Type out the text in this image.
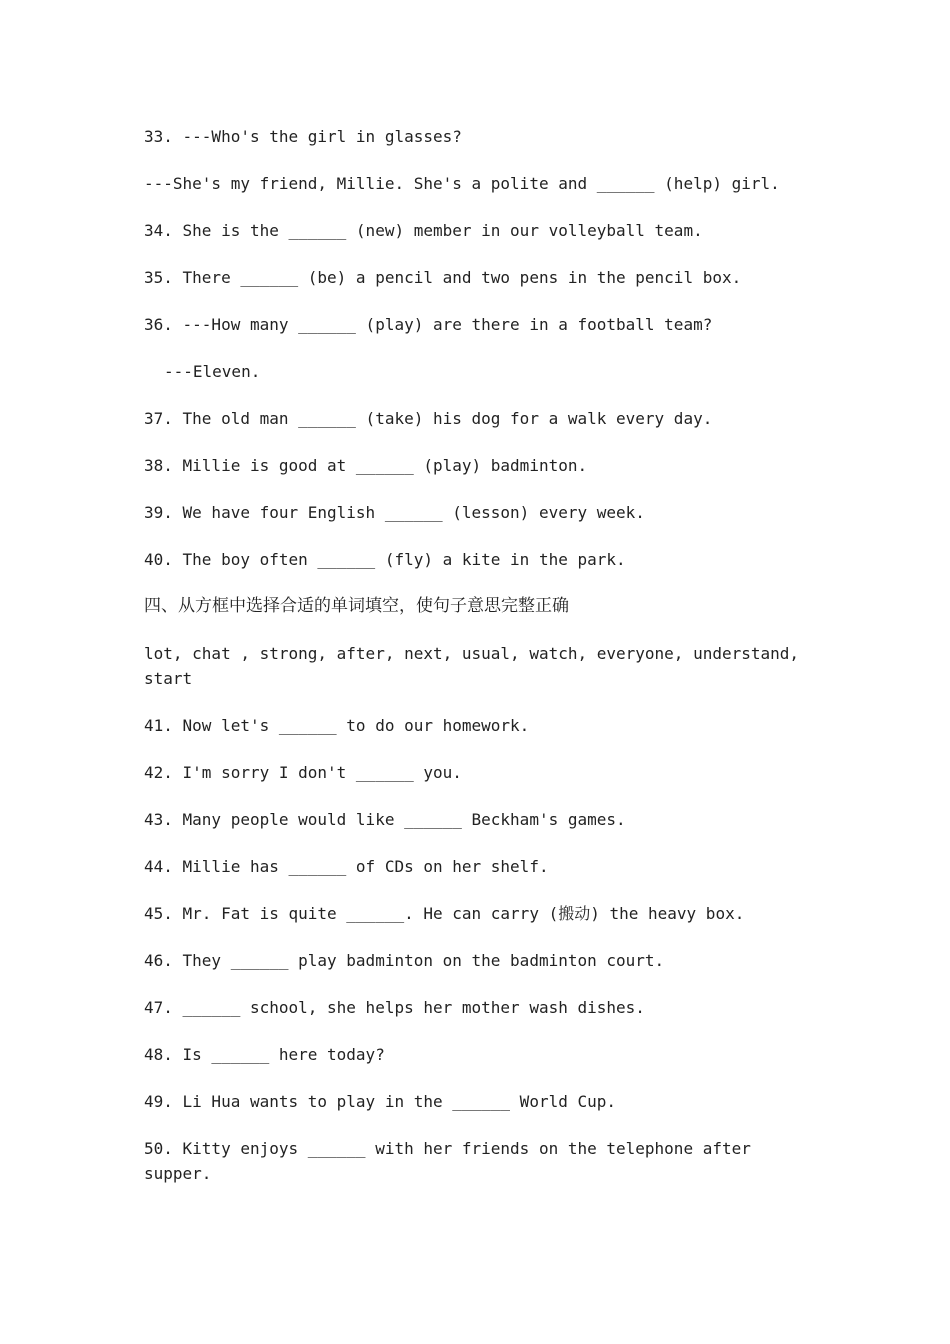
33. ---Who's the girl in glasses?
---She's my friend, Millie. She's a polite and ______ (help) girl.
34. She is the ______ (new) member in our volleyball team.
35. There ______ (be) a pencil and two pens in the pencil box.
36. ---How many ______ (play) are there in a football team?
---Eleven.
37. The old man ______ (take) his dog for a walk every day.
38. Millie is good at ______ (play) badminton.
39. We have four English ______ (lesson) every week.
40. The boy often ______ (fly) a kite in the park.
四、从方框中选择合适的单词填空，使句子意思完整正确
lot, chat , strong, after, next, usual, watch, everyone, understand, start
41. Now let's ______ to do our homework.
42. I'm sorry I don't ______ you.
43. Many people would like ______ Beckham's games.
44. Millie has ______ of CDs on her shelf.
45. Mr. Fat is quite ______. He can carry (搬动) the heavy box.
46. They ______ play badminton on the badminton court.
47. ______ school, she helps her mother wash dishes.
48. Is ______ here today?
49. Li Hua wants to play in the ______ World Cup.
50. Kitty enjoys ______ with her friends on the telephone after supper.
